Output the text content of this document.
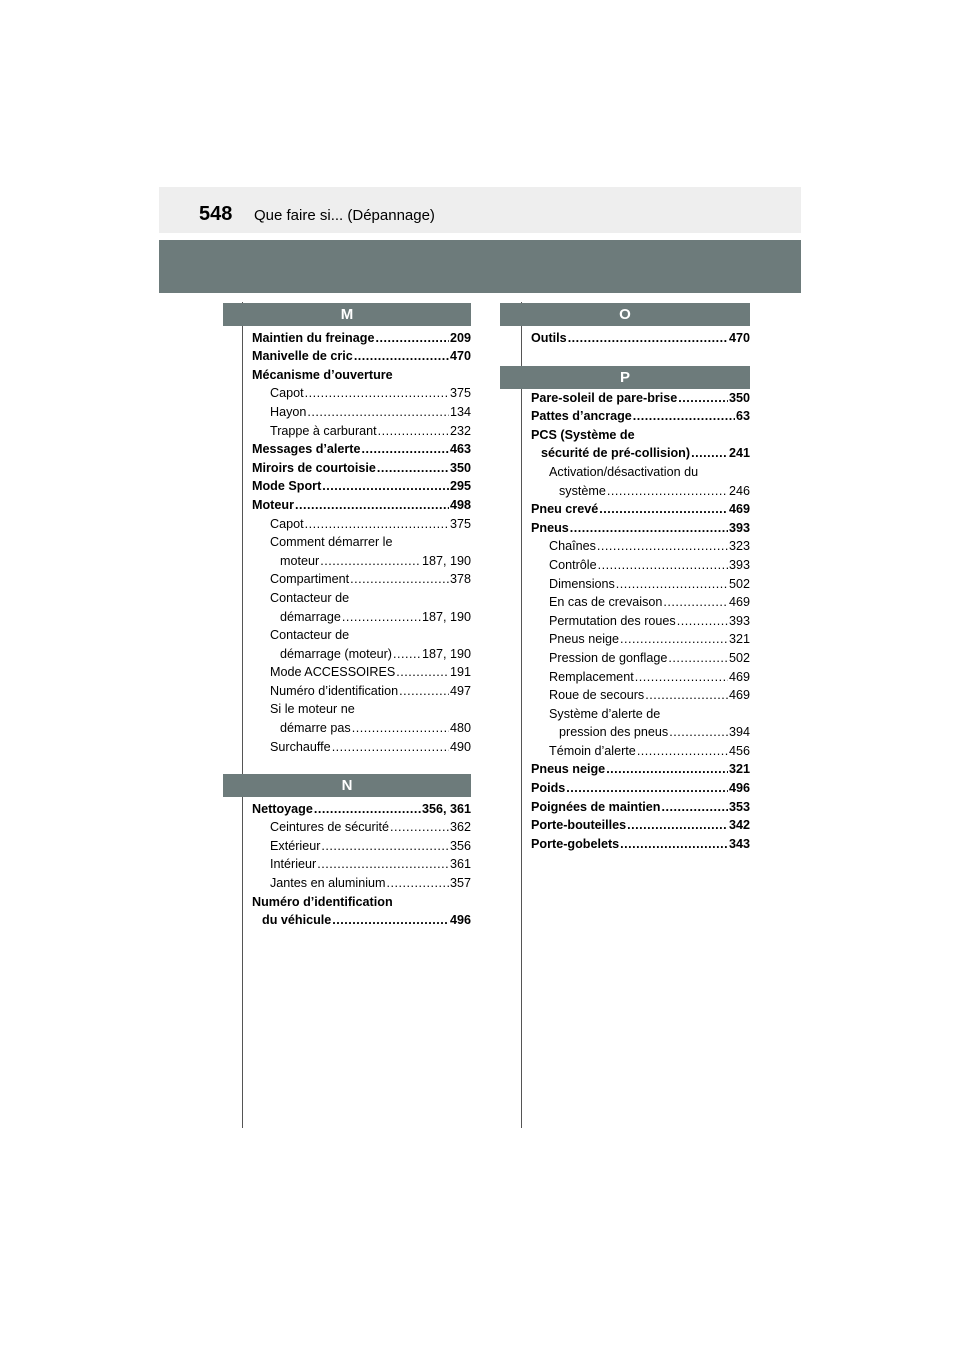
548 Que faire si... (Dépannage)
M
Maintien du freinage .....	209
Manivelle de cric .....	470
Mécanisme d’ouverture
Capot .....	375
Hayon .....	134
Trappe à carburant .....	232
Messages d’alerte .....	463
Miroirs de courtoisie .....	350
Mode Sport .....	295
Moteur .....	498
Capot .....	375
Comment démarrer le
moteur .....	187, 190
Compartiment .....	378
Contacteur de
démarrage .....	187, 190
Contacteur de
démarrage (moteur) ..... 187, 190
Mode ACCESSOIRES .....	191
Numéro d’identification .....	497
Si le moteur ne
démarre pas .....	480
Surchauffe .....	490
N
Nettoyage .....	356, 361
Ceintures de sécurité .....	362
Extérieur .....	356
Intérieur .....	361
Jantes en aluminium .....	357
Numéro d’identification
du véhicule .....	496
O
Outils .....	470
P
Pare-soleil de pare-brise .....	350
Pattes d’ancrage .....	63
PCS (Système de
sécurité de pré-collision) .....	241
Activation/désactivation du
système .....	246
Pneu crevé .....	469
Pneus .....	393
Chaînes .....	323
Contrôle .....	393
Dimensions .....	502
En cas de crevaison .....	469
Permutation des roues .....	393
Pneus neige .....	321
Pression de gonflage .....	502
Remplacement .....	469
Roue de secours .....	469
Système d’alerte de
pression des pneus .....	394
Témoin d’alerte .....	456
Pneus neige .....	321
Poids .....	496
Poignées de maintien .....	353
Porte-bouteilles .....	342
Porte-gobelets .....	343
